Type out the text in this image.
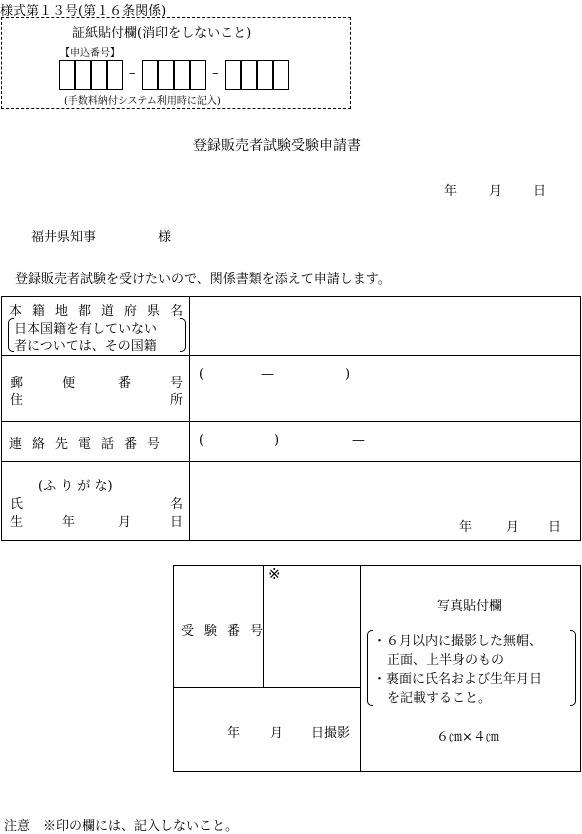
様式第１３号(第１６条関係)
証紙貼付欄(消印をしないこと)
【申込番号】
–	–
(手数料納付システム利用時に記入)
登録販売者試験受験申請書
年 月 日
福井県知事	様
登録販売者試験を受けたいので、関係書類を添えて申請します。
本籍地都道府県名
日本国籍を有していない
者については、その国籍
郵	便	番	号
住	所
(	—	)
連絡先電話番号 (	)	—
(ふ り が な)
氏	名
生	年	月	日	年	月 日
受験番号
※
年 月 日撮影
写真貼付欄
・６月以内に撮影した無帽、
正面、上半身のもの
・裏面に氏名および生年月日
を記載すること。
６㎝×４㎝
注意　※印の欄には、記入しないこと。
